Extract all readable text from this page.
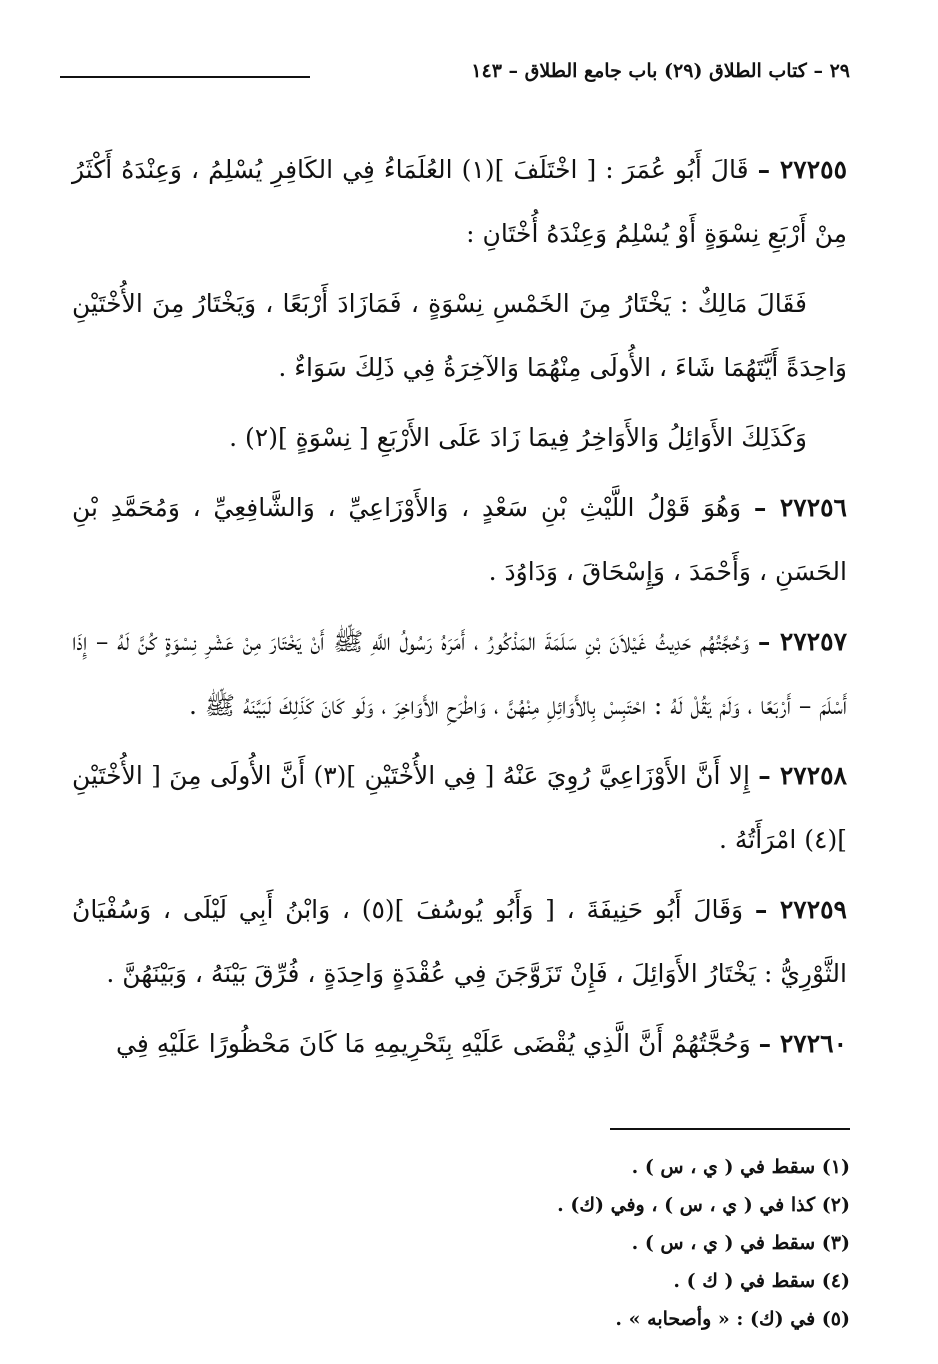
٢٩ – كتاب الطلاق (٢٩) باب جامع الطلاق – ١٤٣

٢٧٢٥٥ – قَالَ أَبُو عُمَرَ : [ اخْتَلَفَ ](١) العُلَمَاءُ فِي الكَافِرِ يُسْلِمُ ، وَعِنْدَهُ أَكْثَرُ مِنْ أَرْبَعِ نِسْوَةٍ أَوْ يُسْلِمُ وَعِنْدَهُ أُخْتَانِ :

فَقَالَ مَالِكٌ : يَخْتَارُ مِنَ الخَمْسِ نِسْوَةٍ ، فَمَازَادَ أَرْبَعًا ، وَيَخْتَارُ مِنَ الأُخْتَيْنِ وَاحِدَةً أَيَّتَهُمَا شَاءَ ، الأُولَى مِنْهُمَا وَالآخِرَةُ فِي ذَلِكَ سَوَاءٌ .

وَكَذَلِكَ الأَوَائِلُ وَالأَوَاخِرُ فِيمَا زَادَ عَلَى الأَرْبَعِ [ نِسْوَةٍ ](٢) .

٢٧٢٥٦ – وَهُوَ قَوْلُ اللَّيْثِ بْنِ سَعْدٍ ، وَالأَوْزَاعِيِّ ، وَالشَّافِعِيِّ ، وَمُحَمَّدِ بْنِ الحَسَنِ ، وَأَحْمَدَ ، وَإِسْحَاقَ ، وَدَاوُدَ .

٢٧٢٥٧ – وَحُجَّتُهُم حَدِيثُ غَيْلاَنَ بْنِ سَلَمَةَ المَذْكُورُ ، أَمَرَهُ رَسُولُ اللَّهِ ﷺ أَنْ يَخْتَارَ مِنْ عَشْرِ نِسْوَةٍ كُنَّ لَهُ – إِذَا أَسْلَمَ – أَرْبَعًا ، وَلَمْ يَقُلْ لَهُ : احْتَبِسْ بِالأَوَائِلِ مِنْهُنَّ ، وَاطْرَحِ الأَوَاخِرَ ، وَلَو كَانَ كَذَلِكَ لَبَيَّنَهُ ﷺ .

٢٧٢٥٨ – إِلا أَنَّ الأَوْزَاعِيَّ رُوِيَ عَنْهُ [ فِي الأُخْتَيْنِ ](٣) أَنَّ الأُولَى مِنَ [ الأُخْتَيْنِ ](٤) امْرَأَتُهُ .

٢٧٢٥٩ – وَقَالَ أَبُو حَنِيفَةَ ، [ وَأَبُو يُوسُفَ ](٥) ، وَابْنُ أَبِي لَيْلَى ، وَسُفْيَانُ الثَّوْرِيُّ : يَخْتَارُ الأَوَائِلَ ، فَإِنْ تَزَوَّجَنَ فِي عُقْدَةٍ وَاحِدَةٍ ، فُرِّقَ بَيْنَهُ ، وَبَيْنَهُنَّ .

٢٧٢٦٠ – وَحُجَّتُهُمْ أَنَّ الَّذِي يُقْضَى عَلَيْهِ بِتَحْرِيمِهِ مَا كَانَ مَحْظُورًا عَلَيْهِ فِي

(١) سقط في ( ي ، س ) .
(٢) كذا في ( ي ، س ) ، وفي (ك) .
(٣) سقط في ( ي ، س ) .
(٤) سقط في ( ك ) .
(٥) في (ك) : « وأصحابه » .
